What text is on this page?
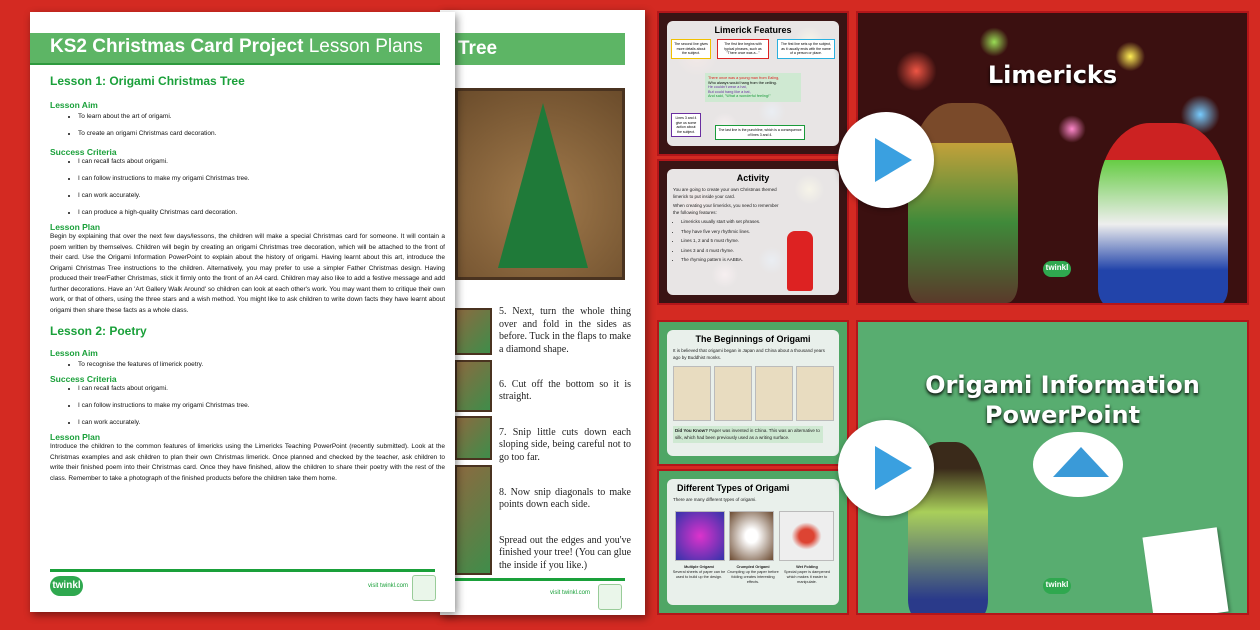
Tree
5. Next, turn the whole thing over and fold in the sides as before. Tuck in the flaps to make a diamond shape.
6. Cut off the bottom so it is straight.
7. Snip little cuts down each sloping side, being careful not to go too far.
8. Now snip diagonals to make points down each side.
Spread out the edges and you've finished your tree! (You can glue the inside if you like.)
visit twinkl.com
KS2 Christmas Card Project Lesson Plans
Lesson 1: Origami Christmas Tree
Lesson Aim
• To learn about the art of origami.
• To create an origami Christmas card decoration.
Success Criteria
• I can recall facts about origami.
• I can follow instructions to make my origami Christmas tree.
• I can work accurately.
• I can produce a high-quality Christmas card decoration.
Lesson Plan
Begin by explaining that over the next few days/lessons, the children will make a special Christmas card for someone. It will contain a poem written by themselves. Children will begin by creating an origami Christmas tree decoration, which will be attached to the front of their card. Use the Origami Information PowerPoint to explain about the history of origami. Having learnt about this art, introduce the Origami Christmas Tree instructions to the children. Alternatively, you may prefer to use a simpler Father Christmas design. Having produced their tree/Father Christmas, stick it firmly onto the front of an A4 card. Children may also like to add a festive message and add further decorations. Have an 'Art Gallery Walk Around' so children can look at each other's work. You may want them to critique their own work, or that of others, using the three stars and a wish method. You might like to ask children to write down facts they have learnt about origami then share these facts as a whole class.
Lesson 2: Poetry
Lesson Aim
• To recognise the features of limerick poetry.
Success Criteria
• I can recall facts about origami.
• I can follow instructions to make my origami Christmas tree.
• I can work accurately.
Lesson Plan
Introduce the children to the common features of limericks using the Limericks Teaching PowerPoint (recently submitted). Look at the Christmas examples and ask children to plan their own Christmas limerick. Once planned and checked by the teacher, ask children to write their finished poem into their Christmas card. Once they have finished, allow the children to share their poetry with the rest of the class. Remember to take a photograph of the finished products before the children take them home.
twinkl	visit twinkl.com
Limerick Features
The second line gives more details about the subject.
The first line begins with typical phrases, such as "There once was a..."
The first line sets up the subject, as it usually ends with the name of a person or place.
There once was a young man from Ealing,
Who always would hang from the ceiling.
He couldn't wear a hat,
But could hang like a bat,
And said, "What a wonderful feeling!"
Lines 3 and 4 give us some action about the subject.	The last line is the punchline, which is a consequence of lines 3 and 4.
Activity
You are going to create your own Christmas themed limerick to put inside your card.
When creating your limericks, you need to remember the following features:
• Limericks usually start with set phrases.
• They have five very rhythmic lines.
• Lines 1, 2 and 5 must rhyme.
• Lines 3 and 4 must rhyme.
• The rhyming pattern is AABBA.
Limericks
twinkl
The Beginnings of Origami
It is believed that origami began in Japan and China about a thousand years ago by Buddhist monks.
Did You Know? Paper was invented in China. This was an alternative to silk, which had been previously used as a writing surface.
Different Types of Origami
There are many different types of origami.
Multiple Origami
Several sheets of paper can be used to build up the design.
Crumpled Origami
Crumpling up the paper before folding creates interesting effects.
Wet Folding
Special paper is dampened which makes it easier to manipulate.
Origami Information PowerPoint
twinkl
